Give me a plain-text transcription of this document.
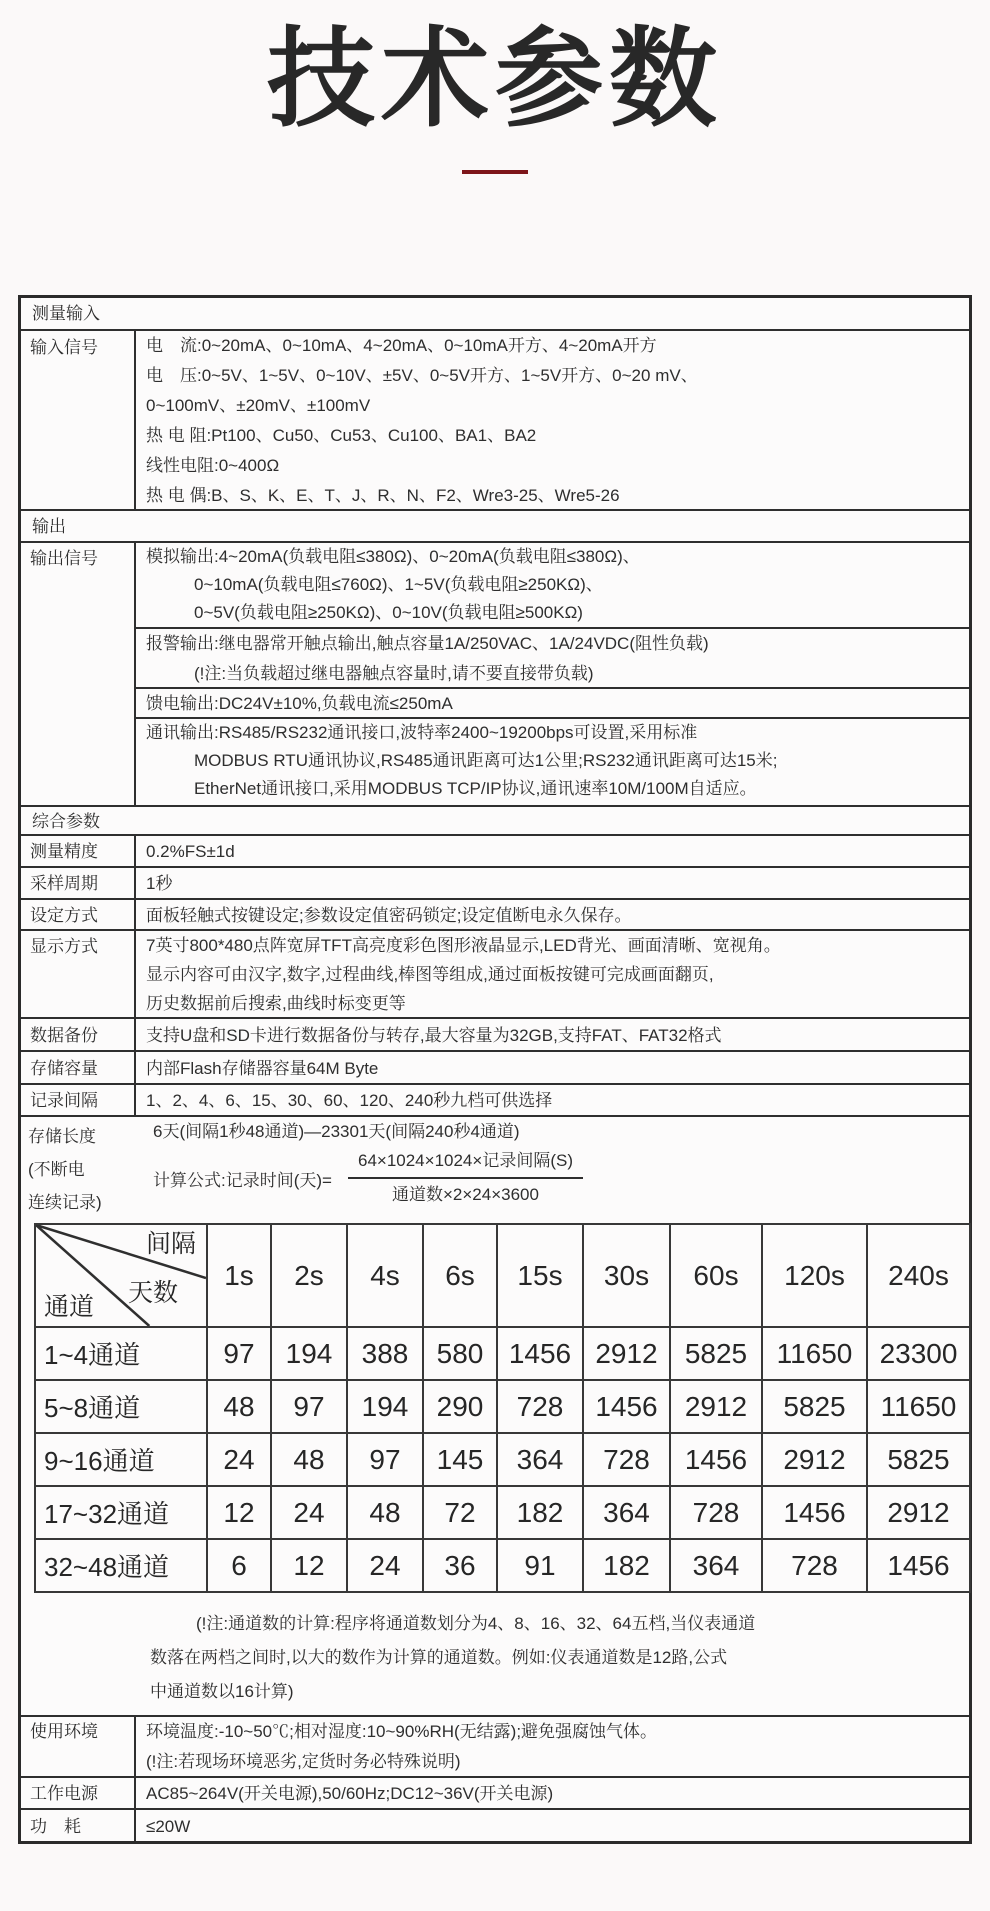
技术参数
测量输入
输入信号	电　流:0~20mA、0~10mA、4~20mA、0~10mA开方、4~20mA开方
电　压:0~5V、1~5V、0~10V、±5V、0~5V开方、1~5V开方、0~20 mV、
0~100mV、±20mV、±100mV
热 电 阻:Pt100、Cu50、Cu53、Cu100、BA1、BA2
线性电阻:0~400Ω
热 电 偶:B、S、K、E、T、J、R、N、F2、Wre3-25、Wre5-26
输出
输出信号	模拟输出:4~20mA(负载电阻≤380Ω)、0~20mA(负载电阻≤380Ω)、
0~10mA(负载电阻≤760Ω)、1~5V(负载电阻≥250KΩ)、
0~5V(负载电阻≥250KΩ)、0~10V(负载电阻≥500KΩ)
报警输出:继电器常开触点输出,触点容量1A/250VAC、1A/24VDC(阻性负载)
(!注:当负载超过继电器触点容量时,请不要直接带负载)
馈电输出:DC24V±10%,负载电流≤250mA
通讯输出:RS485/RS232通讯接口,波特率2400~19200bps可设置,采用标准
MODBUS RTU通讯协议,RS485通讯距离可达1公里;RS232通讯距离可达15米;
EtherNet通讯接口,采用MODBUS TCP/IP协议,通讯速率10M/100M自适应。
综合参数
测量精度	0.2%FS±1d
采样周期	1秒
设定方式	面板轻触式按键设定;参数设定值密码锁定;设定值断电永久保存。
显示方式	7英寸800*480点阵宽屏TFT高亮度彩色图形液晶显示,LED背光、画面清晰、宽视角。
显示内容可由汉字,数字,过程曲线,棒图等组成,通过面板按键可完成画面翻页,
历史数据前后搜索,曲线时标变更等
数据备份	支持U盘和SD卡进行数据备份与转存,最大容量为32GB,支持FAT、FAT32格式
存储容量	内部Flash存储器容量64M Byte
记录间隔	1、2、4、6、15、30、60、120、240秒九档可供选择
存储长度
(不断电
连续记录)
6天(间隔1秒48通道)—23301天(间隔240秒4通道)
计算公式:记录时间(天)= $\frac{\text{64×1024×1024×记录间隔(S)}}{\text{通道数×2×24×3600}}$
间隔
天数
通道	1s	2s	4s	6s	15s	30s	60s	120s	240s
1~4通道	97	194	388	580	1456	2912	5825	11650	23300
5~8通道	48	97	194	290	728	1456	2912	5825	11650
9~16通道	24	48	97	145	364	728	1456	2912	5825
17~32通道	12	24	48	72	182	364	728	1456	2912
32~48通道	6	12	24	36	91	182	364	728	1456
(!注:通道数的计算:程序将通道数划分为4、8、16、32、64五档,当仪表通道
数落在两档之间时,以大的数作为计算的通道数。例如:仪表通道数是12路,公式
中通道数以16计算)
使用环境	环境温度:-10~50℃;相对湿度:10~90%RH(无结露);避免强腐蚀气体。
(!注:若现场环境恶劣,定货时务必特殊说明)
工作电源	AC85~264V(开关电源),50/60Hz;DC12~36V(开关电源)
功　耗	≤20W
